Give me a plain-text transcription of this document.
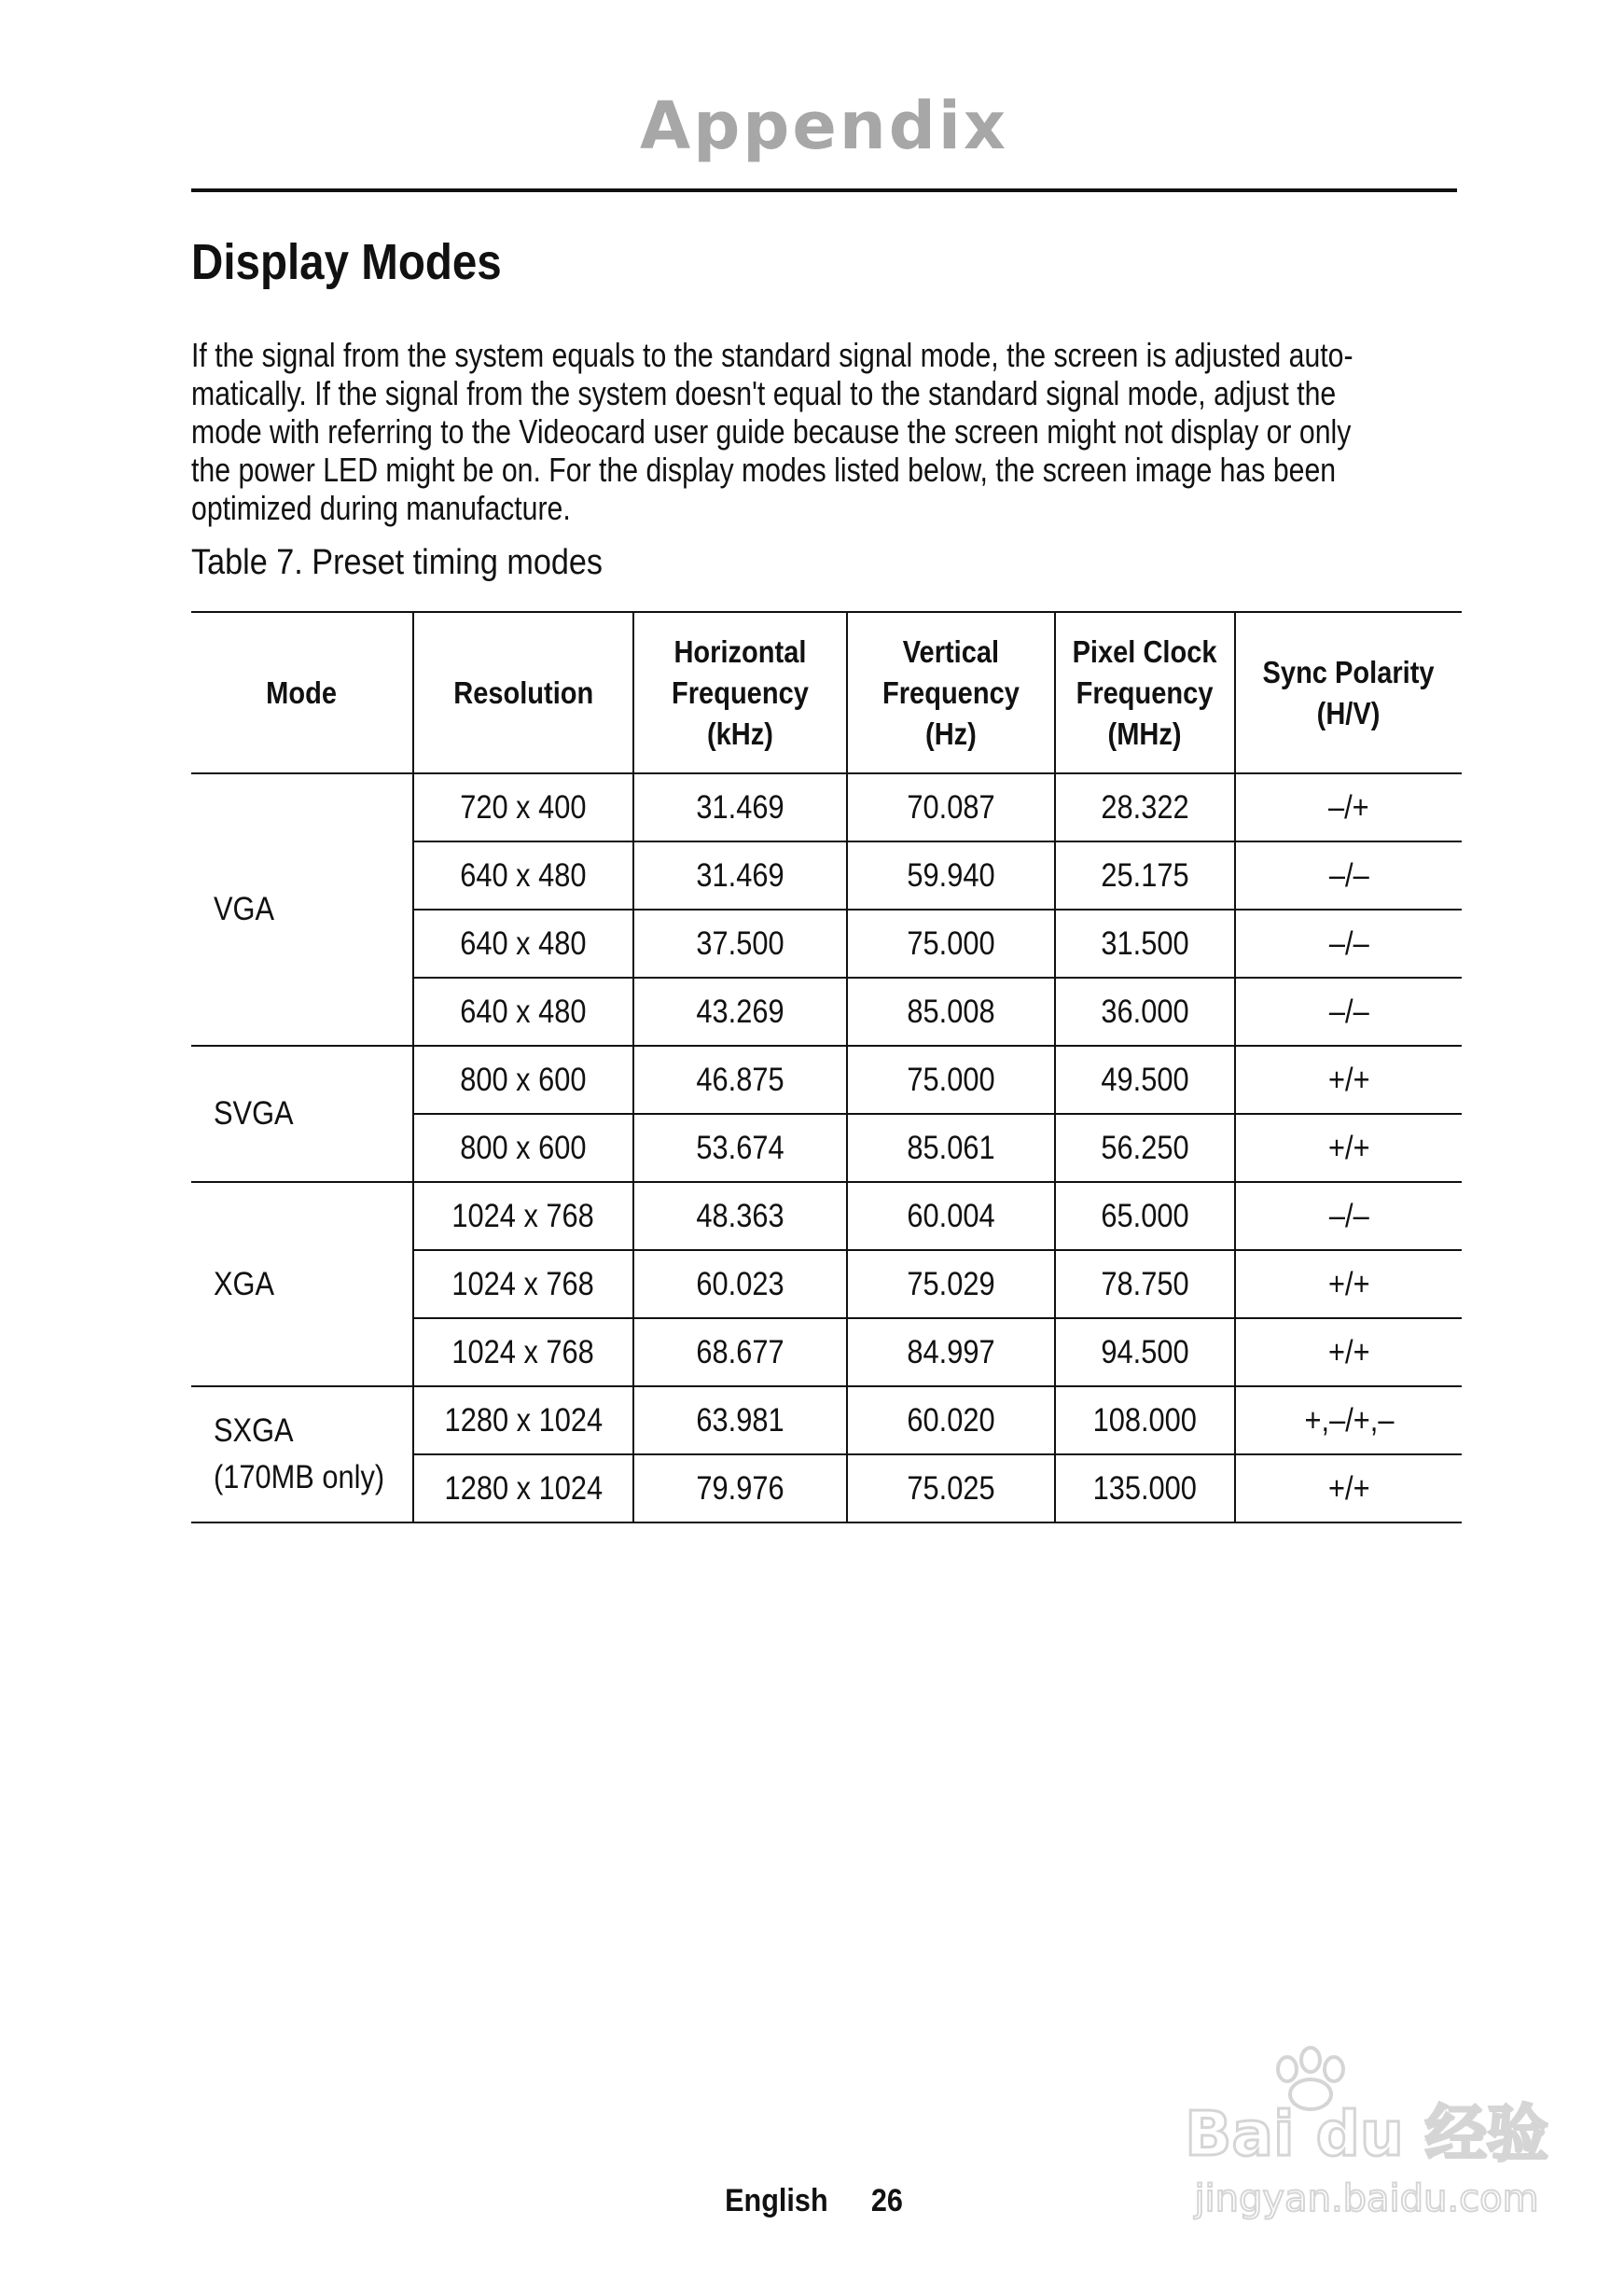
Appendix
Display Modes
If the signal from the system equals to the standard signal mode, the screen is adjusted auto-
matically. If the signal from the system doesn't equal to the standard signal mode, adjust the
mode with referring to the Videocard user guide because the screen might not display or only
the power LED might be on. For the display modes listed below, the screen image has been
optimized during manufacture.
Table 7. Preset timing modes
Mode	Resolution	Horizontal
Frequency
(kHz)	Vertical
Frequency
(Hz)	Pixel Clock
Frequency
(MHz)	Sync Polarity
(H/V)

VGA	720 x 400	31.469	70.087	28.322	–/+
	640 x 480	31.469	59.940	25.175	–/–
	640 x 480	37.500	75.000	31.500	–/–
	640 x 480	43.269	85.008	36.000	–/–

SVGA	800 x 600	46.875	75.000	49.500	+/+
	800 x 600	53.674	85.061	56.250	+/+

XGA	1024 x 768	48.363	60.004	65.000	–/–
	1024 x 768	60.023	75.029	78.750	+/+
	1024 x 768	68.677	84.997	94.500	+/+

SXGA
(170MB only)	1280 x 1024	63.981	60.020	108.000	+,–/+,–
	1280 x 1024	79.976	75.025	135.000	+/+
English 26
Bai du 经验
jingyan.baidu.com
